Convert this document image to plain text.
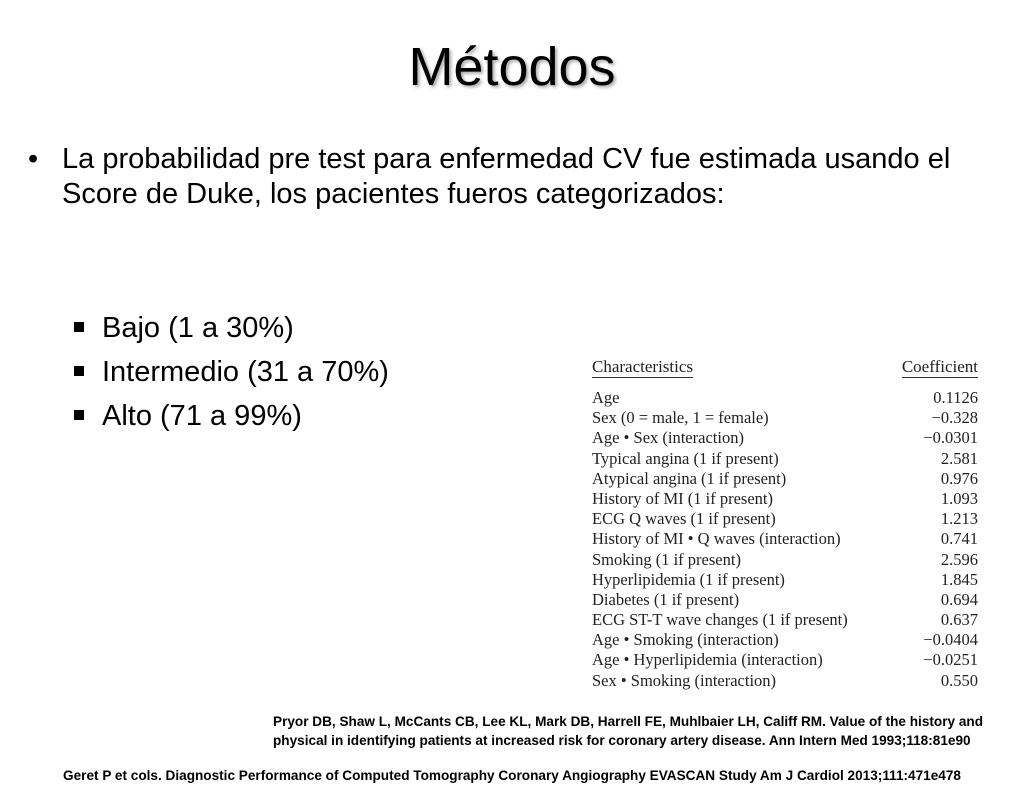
Métodos
• La probabilidad pre test para enfermedad CV fue estimada usando el Score de Duke, los pacientes fueros categorizados:
Bajo (1 a 30%)
Intermedio (31 a 70%)
Alto (71 a 99%)
Characteristics	Coefficient
Age	0.1126
Sex (0 = male, 1 = female)	−0.328
Age • Sex (interaction)	−0.0301
Typical angina (1 if present)	2.581
Atypical angina (1 if present)	0.976
History of MI (1 if present)	1.093
ECG Q waves (1 if present)	1.213
History of MI • Q waves (interaction)	0.741
Smoking (1 if present)	2.596
Hyperlipidemia (1 if present)	1.845
Diabetes (1 if present)	0.694
ECG ST-T wave changes (1 if present)	0.637
Age • Smoking (interaction)	−0.0404
Age • Hyperlipidemia (interaction)	−0.0251
Sex • Smoking (interaction)	0.550
Pryor DB, Shaw L, McCants CB, Lee KL, Mark DB, Harrell FE, Muhlbaier LH, Califf RM. Value of the history and physical in identifying patients at increased risk for coronary artery disease. Ann Intern Med 1993;118:81e90
Geret P et cols. Diagnostic Performance of Computed Tomography Coronary Angiography EVASCAN Study Am J Cardiol 2013;111:471e478
